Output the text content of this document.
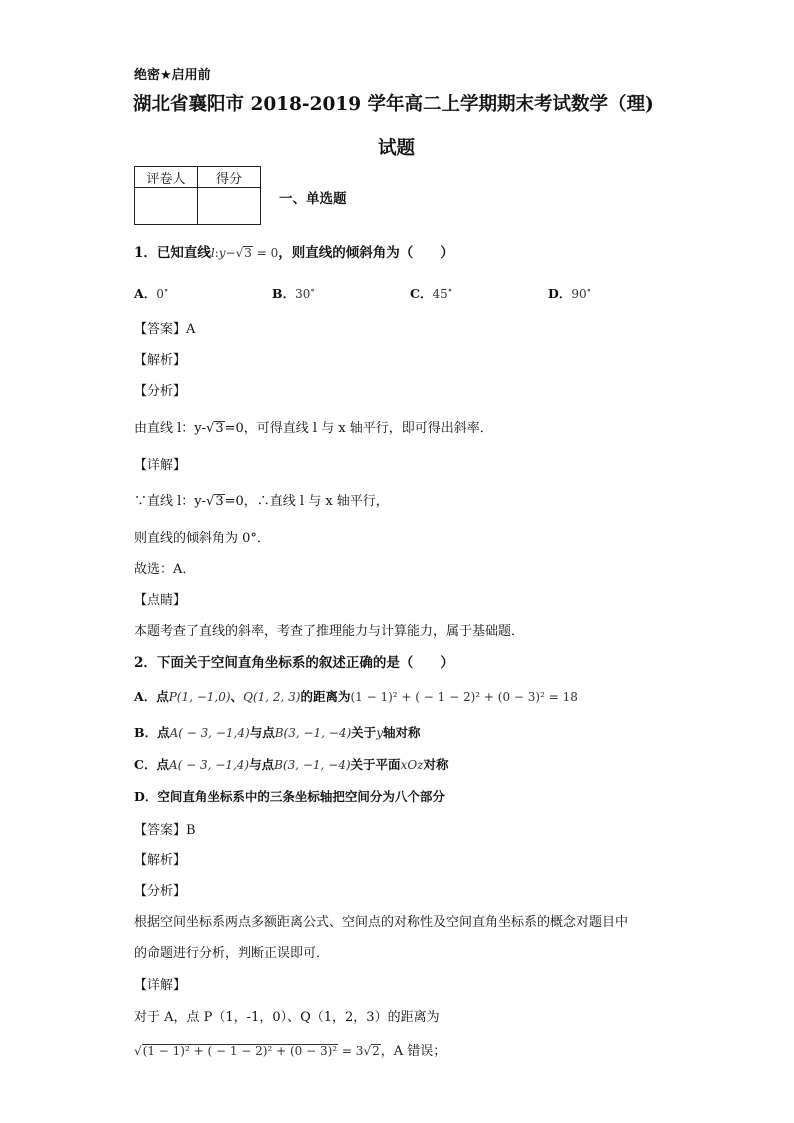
绝密★启用前
湖北省襄阳市 2018-2019 学年高二上学期期末考试数学（理)
试题
评卷人	得分

一、单选题
1．已知直线l:y−√3 = 0，则直线的倾斜角为（　　）
A．0∘	B．30∘	C．45∘	D．90∘
【答案】A
【解析】
【分析】
由直线 l：y-√3=0，可得直线 l 与 x 轴平行，即可得出斜率．
【详解】
∵直线 l：y-√3=0，∴直线 l 与 x 轴平行，
则直线的倾斜角为 0°．
故选：A．
【点睛】
本题考查了直线的斜率，考查了推理能力与计算能力，属于基础题．
2．下面关于空间直角坐标系的叙述正确的是（　　）
A．点P(1, −1,0)、Q(1, 2, 3)的距离为(1 − 1)² + ( − 1 − 2)² + (0 − 3)² = 18
B．点A( − 3, −1,4)与点B(3, −1, −4)关于y轴对称
C．点A( − 3, −1,4)与点B(3, −1, −4)关于平面xOz对称
D．空间直角坐标系中的三条坐标轴把空间分为八个部分
【答案】B
【解析】
【分析】
根据空间坐标系两点多额距离公式、空间点的对称性及空间直角坐标系的概念对题目中
的命题进行分析，判断正误即可．
【详解】
对于 A，点 P（1，-1，0）、Q（1，2，3）的距离为
√(1 − 1)² + ( − 1 − 2)² + (0 − 3)² = 3√2，A 错误；
